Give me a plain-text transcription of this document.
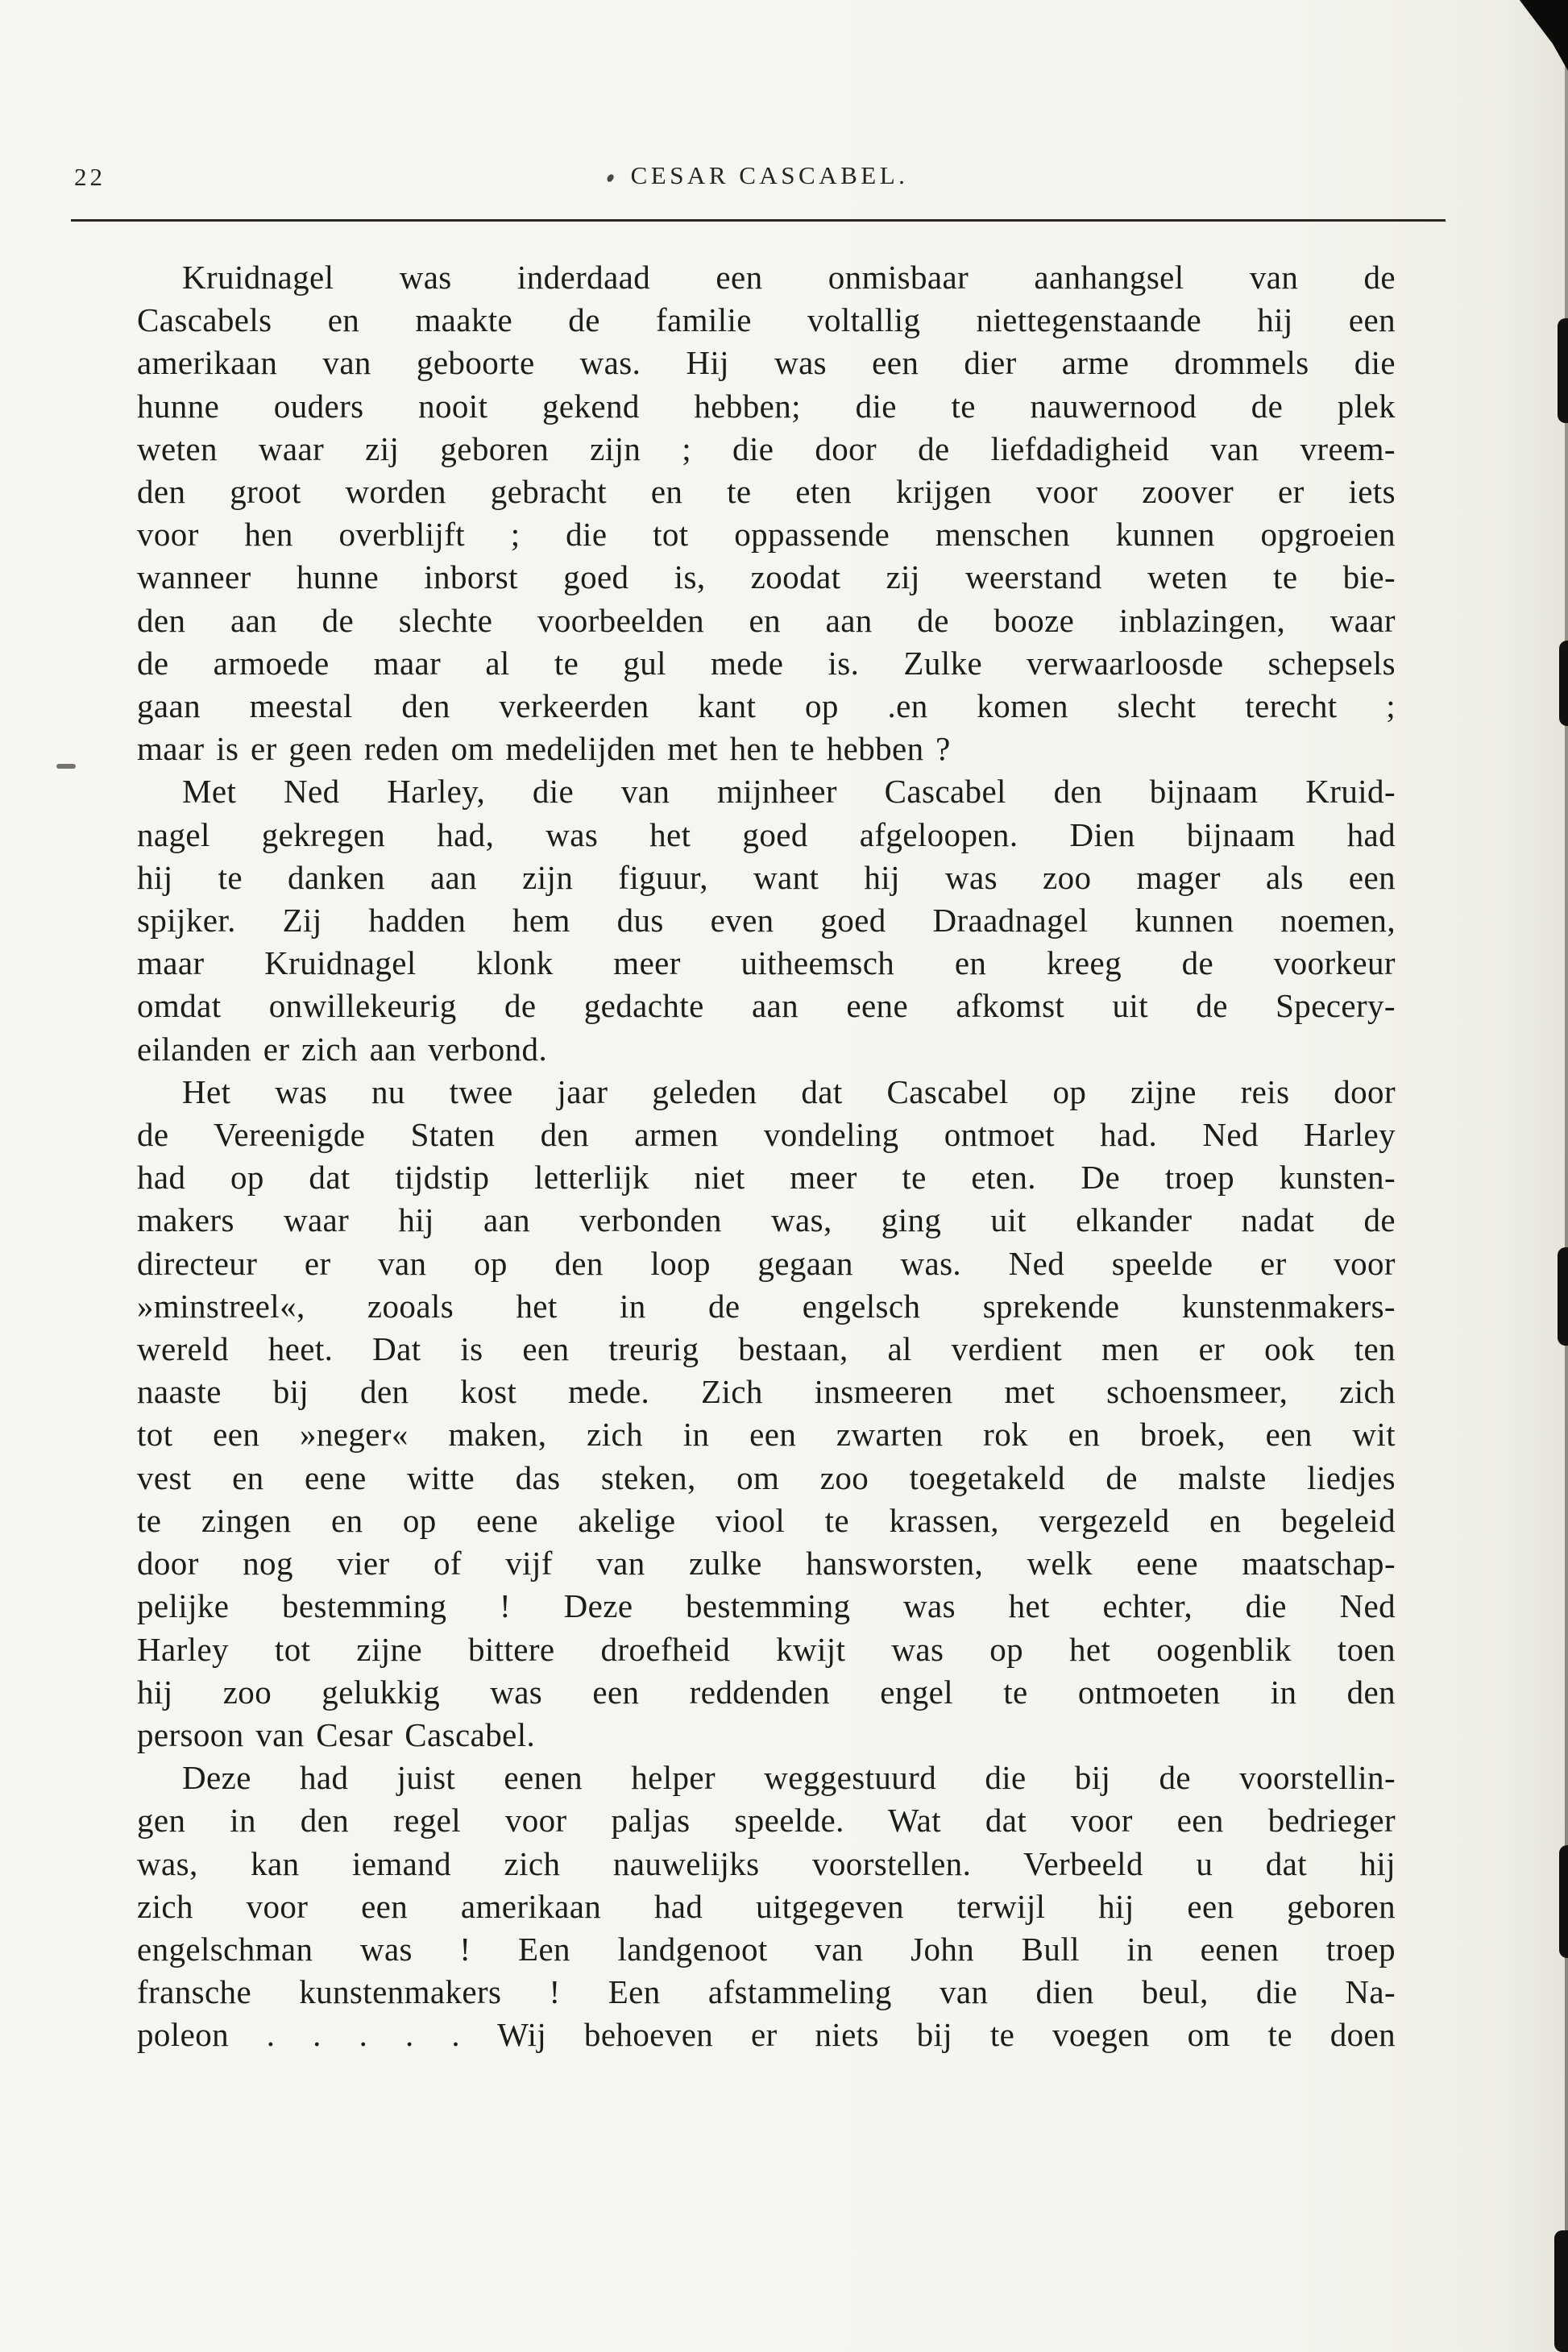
22	CESAR CASCABEL.
Kruidnagel was inderdaad een onmisbaar aanhangsel van de
Cascabels en maakte de familie voltallig niettegenstaande hij een
amerikaan van geboorte was. Hij was een dier arme drommels die
hunne ouders nooit gekend hebben; die te nauwernood de plek
weten waar zij geboren zijn ; die door de liefdadigheid van vreem-
den groot worden gebracht en te eten krijgen voor zoover er iets
voor hen overblijft ; die tot oppassende menschen kunnen opgroeien
wanneer hunne inborst goed is, zoodat zij weerstand weten te bie-
den aan de slechte voorbeelden en aan de booze inblazingen, waar
de armoede maar al te gul mede is. Zulke verwaarloosde schepsels
gaan meestal den verkeerden kant op .en komen slecht terecht ;
maar is er geen reden om medelijden met hen te hebben ?
Met Ned Harley, die van mijnheer Cascabel den bijnaam Kruid-
nagel gekregen had, was het goed afgeloopen. Dien bijnaam had
hij te danken aan zijn figuur, want hij was zoo mager als een
spijker. Zij hadden hem dus even goed Draadnagel kunnen noemen,
maar Kruidnagel klonk meer uitheemsch en kreeg de voorkeur
omdat onwillekeurig de gedachte aan eene afkomst uit de Specery-
eilanden er zich aan verbond.
Het was nu twee jaar geleden dat Cascabel op zijne reis door
de Vereenigde Staten den armen vondeling ontmoet had. Ned Harley
had op dat tijdstip letterlijk niet meer te eten. De troep kunsten-
makers waar hij aan verbonden was, ging uit elkander nadat de
directeur er van op den loop gegaan was. Ned speelde er voor
»minstreel«, zooals het in de engelsch sprekende kunstenmakers-
wereld heet. Dat is een treurig bestaan, al verdient men er ook ten
naaste bij den kost mede. Zich insmeeren met schoensmeer, zich
tot een »neger« maken, zich in een zwarten rok en broek, een wit
vest en eene witte das steken, om zoo toegetakeld de malste liedjes
te zingen en op eene akelige viool te krassen, vergezeld en begeleid
door nog vier of vijf van zulke hansworsten, welk eene maatschap-
pelijke bestemming ! Deze bestemming was het echter, die Ned
Harley tot zijne bittere droefheid kwijt was op het oogenblik toen
hij zoo gelukkig was een reddenden engel te ontmoeten in den
persoon van Cesar Cascabel.
Deze had juist eenen helper weggestuurd die bij de voorstellin-
gen in den regel voor paljas speelde. Wat dat voor een bedrieger
was, kan iemand zich nauwelijks voorstellen. Verbeeld u dat hij
zich voor een amerikaan had uitgegeven terwijl hij een geboren
engelschman was ! Een landgenoot van John Bull in eenen troep
fransche kunstenmakers ! Een afstammeling van dien beul, die Na-
poleon . . . . . Wij behoeven er niets bij te voegen om te doen
